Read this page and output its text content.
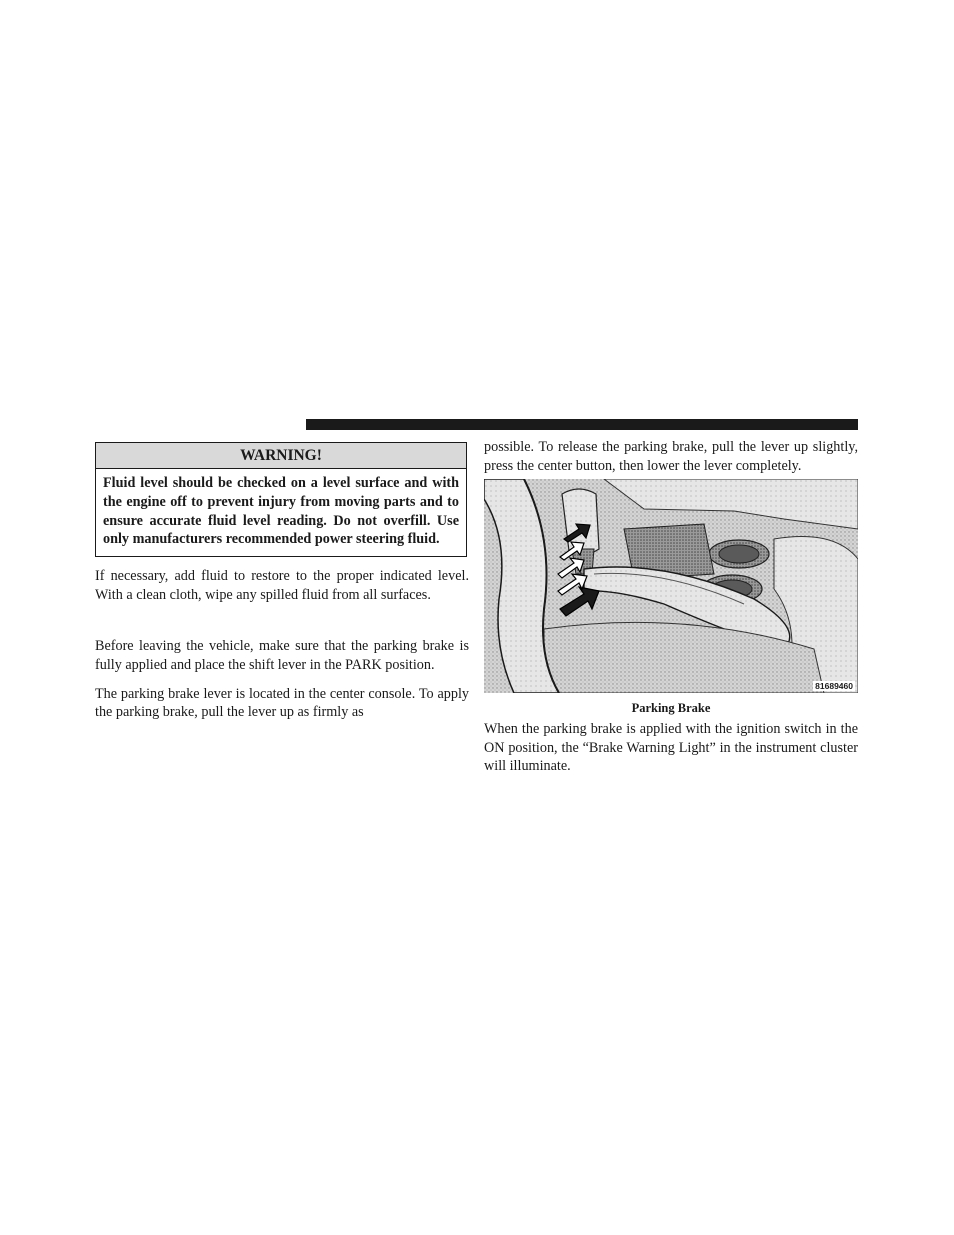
WARNING!
Fluid level should be checked on a level surface and with the engine off to prevent injury from moving parts and to ensure accurate fluid level reading. Do not overfill. Use only manufacturers recommended power steering fluid.

If necessary, add fluid to restore to the proper indicated level. With a clean cloth, wipe any spilled fluid from all surfaces.

Before leaving the vehicle, make sure that the parking brake is fully applied and place the shift lever in the PARK position.

The parking brake lever is located in the center console. To apply the parking brake, pull the lever up as firmly as

possible. To release the parking brake, pull the lever up slightly, press the center button, then lower the lever completely.

81689460
Parking Brake

When the parking brake is applied with the ignition switch in the ON position, the “Brake Warning Light” in the instrument cluster will illuminate.
